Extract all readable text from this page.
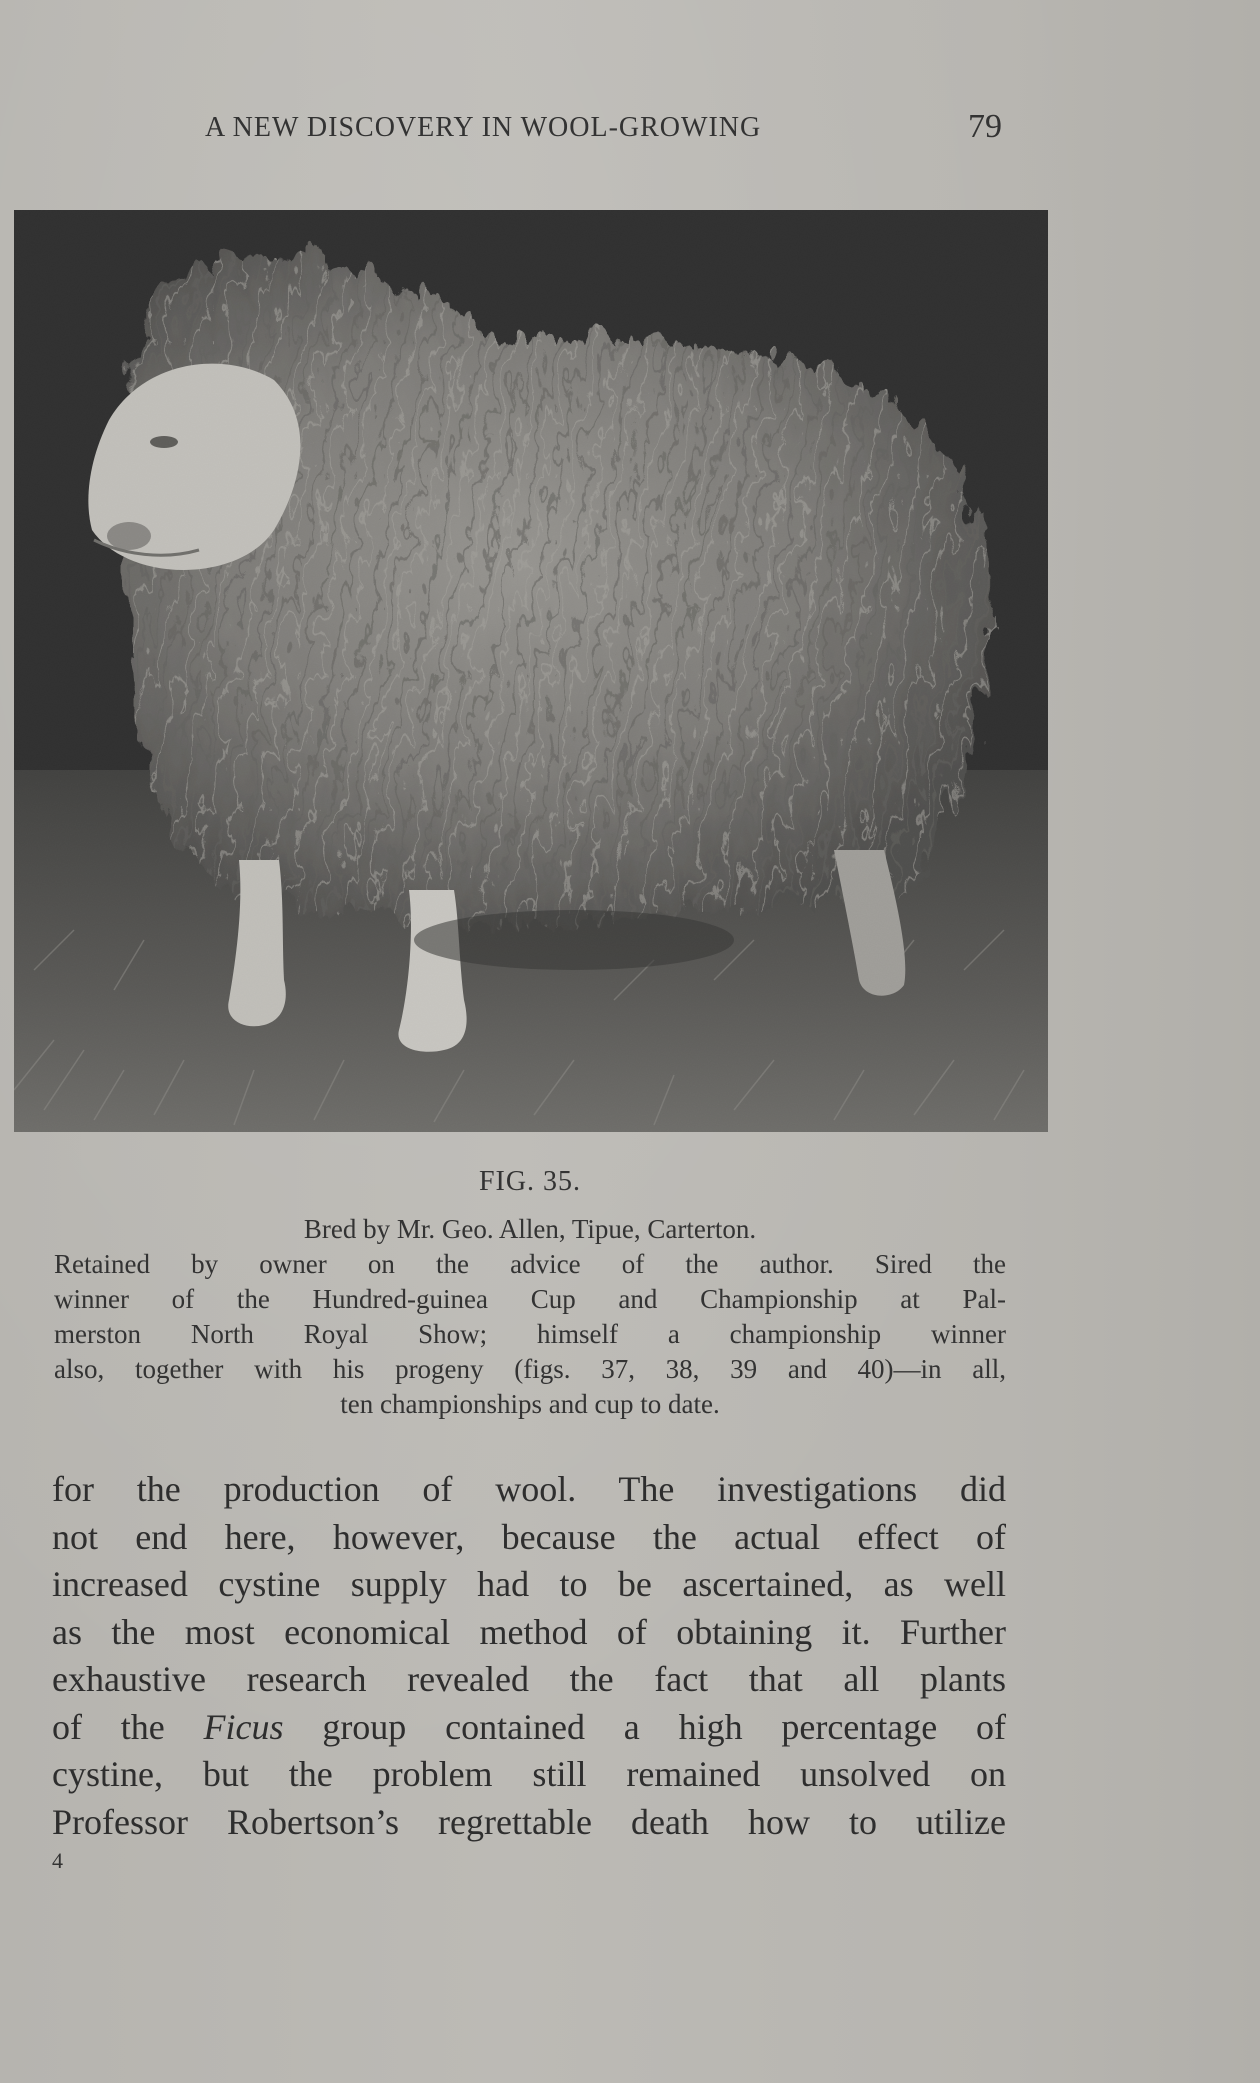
A NEW DISCOVERY IN WOOL-GROWING	79
FIG. 35.
Bred by Mr. Geo. Allen, Tipue, Carterton.
Retained by owner on the advice of the author. Sired the
winner of the Hundred-guinea Cup and Championship at Pal-
merston North Royal Show; himself a championship winner
also, together with his progeny (figs. 37, 38, 39 and 40)—in all,
ten championships and cup to date.
for the production of wool. The investigations did
not end here, however, because the actual effect of
increased cystine supply had to be ascertained, as well
as the most economical method of obtaining it. Further
exhaustive research revealed the fact that all plants
of the Ficus group contained a high percentage of
cystine, but the problem still remained unsolved on
Professor Robertson’s regrettable death how to utilize
4
